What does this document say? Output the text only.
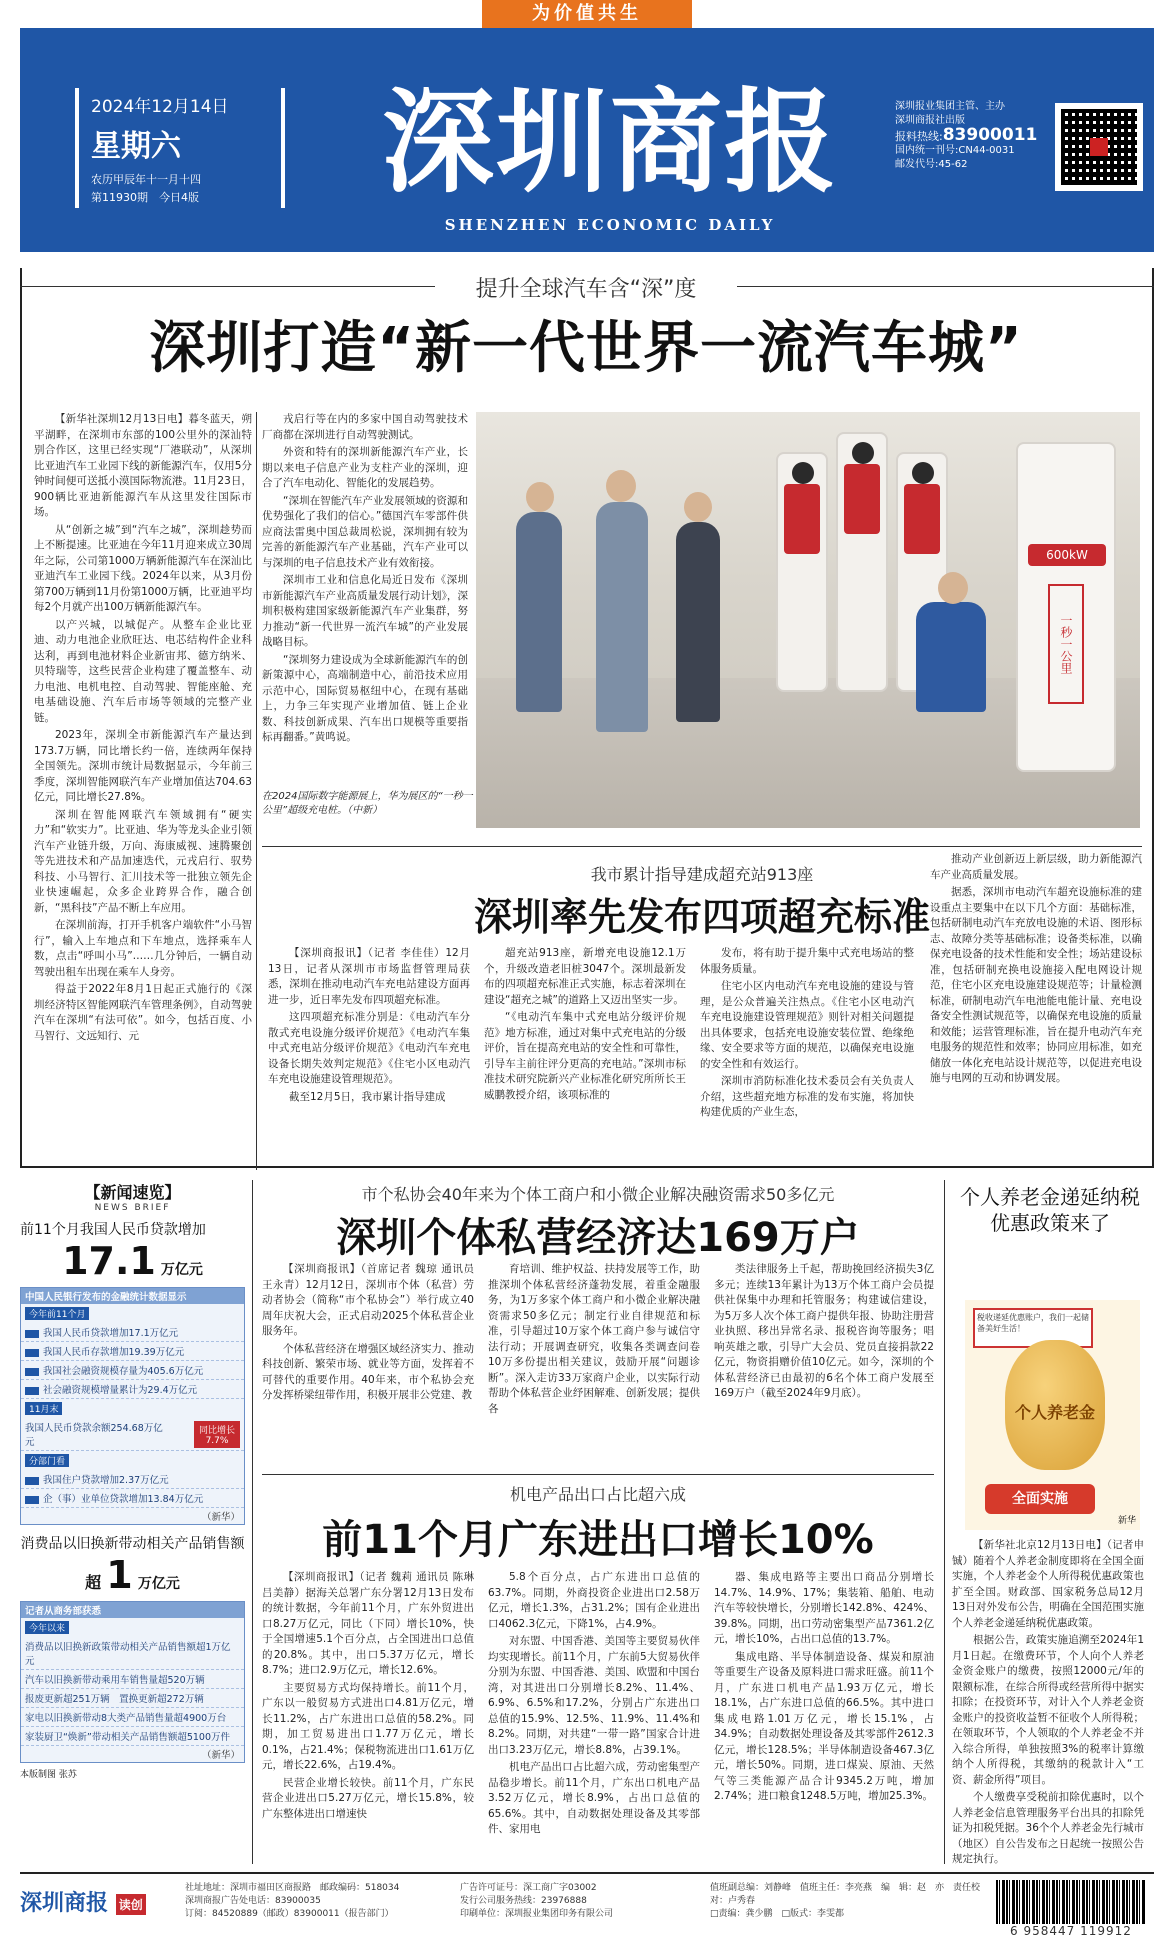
为价值共生
2024年12月14日
星期六
农历甲辰年十一月十四
第11930期　今日4版	深圳商报
SHENZHEN ECONOMIC DAILY
深圳报业集团主管、主办
深圳商报社出版
报料热线:83900011
国内统一刊号:CN44-0031
邮发代号:45-62
提升全球汽车含“深”度
深圳打造“新一代世界一流汽车城”

【新华社深圳12月13日电】暮冬蓝天，朔平湖畔，在深圳市东部的100公里外的深汕特别合作区，这里已经实现“厂港联动”，从深圳比亚迪汽车工业园下线的新能源汽车，仅用5分钟时间便可送抵小漠国际物流港。11月23日，900辆比亚迪新能源汽车从这里发往国际市场。

从“创新之城”到“汽车之城”，深圳趁势而上不断提速。比亚迪在今年11月迎来成立30周年之际，公司第1000万辆新能源汽车在深汕比亚迪汽车工业园下线。2024年以来，从3月份第700万辆到11月份第1000万辆，比亚迪平均每2个月就产出100万辆新能源汽车。

以产兴城，以城促产。从整车企业比亚迪、动力电池企业欣旺达、电芯结构件企业科达利，再到电池材料企业新宙邦、德方纳米、贝特瑞等，这些民营企业构建了覆盖整车、动力电池、电机电控、自动驾驶、智能座舱、充电基础设施、汽车后市场等领域的完整产业链。

2023年，深圳全市新能源汽车产量达到173.7万辆，同比增长约一倍，连续两年保持全国领先。深圳市统计局数据显示，今年前三季度，深圳智能网联汽车产业增加值达704.63亿元，同比增长27.8%。

深圳在智能网联汽车领域拥有“硬实力”和“软实力”。比亚迪、华为等龙头企业引领汽车产业链升级，万向、海康威视、速腾聚创等先进技术和产品加速迭代，元戎启行、驭势科技、小马智行、汇川技术等一批独立领先企业快速崛起，众多企业跨界合作，融合创新，“黑科技”产品不断上车应用。

在深圳前海，打开手机客户端软件“小马智行”，输入上车地点和下车地点，选择乘车人数，点击“呼叫小马”……几分钟后，一辆自动驾驶出租车出现在乘车人身旁。

得益于2022年8月1日起正式施行的《深圳经济特区智能网联汽车管理条例》，自动驾驶汽车在深圳“有法可依”。如今，包括百度、小马智行、文远知行、元

戎启行等在内的多家中国自动驾驶技术厂商都在深圳进行自动驾驶测试。

外资和特有的深圳新能源汽车产业，长期以来电子信息产业为支柱产业的深圳，迎合了汽车电动化、智能化的发展趋势。

“深圳在智能汽车产业发展领域的资源和优势强化了我们的信心。”德国汽车零部件供应商法雷奥中国总裁周松说，深圳拥有较为完善的新能源汽车产业基础，汽车产业可以与深圳的电子信息技术产业有效衔接。

深圳市工业和信息化局近日发布《深圳市新能源汽车产业高质量发展行动计划》，深圳积极构建国家级新能源汽车产业集群，努力推动“新一代世界一流汽车城”的产业发展战略目标。

“深圳努力建设成为全球新能源汽车的创新策源中心，高端制造中心，前沿技术应用示范中心，国际贸易枢纽中心，在现有基础上，力争三年实现产业增加值、链上企业数、科技创新成果、汽车出口规模等重要指标再翻番。”黄鸣说。

600kW
一秒一公里
在2024国际数字能源展上，华为展区的“一秒一公里”超级充电桩。（中新）
我市累计指导建成超充站913座
深圳率先发布四项超充标准

【深圳商报讯】（记者 李佳佳）12月13日，记者从深圳市市场监督管理局获悉，深圳在推动电动汽车充电站建设方面再进一步，近日率先发布四项超充标准。

这四项超充标准分别是：《电动汽车分散式充电设施分级评价规范》《电动汽车集中式充电站分级评价规范》《电动汽车充电设备长期失效判定规范》《住宅小区电动汽车充电设施建设管理规范》。

截至12月5日，我市累计指导建成

超充站913座，新增充电设施12.1万个，升级改造老旧桩3047个。深圳最新发布的四项超充标准正式实施，标志着深圳在建设“超充之城”的道路上又迈出坚实一步。

“《电动汽车集中式充电站分级评价规范》地方标准，通过对集中式充电站的分级评价，旨在提高充电站的安全性和可靠性，引导车主前往评分更高的充电站。”深圳市标准技术研究院新兴产业标准化研究所所长王威鹏教授介绍，该项标准的

发布，将有助于提升集中式充电场站的整体服务质量。

住宅小区内电动汽车充电设施的建设与管理，是公众普遍关注热点。《住宅小区电动汽车充电设施建设管理规范》则针对相关问题提出具体要求，包括充电设施安装位置、绝缘绝缘、安全要求等方面的规范，以确保充电设施的安全性和有效运行。

深圳市消防标准化技术委员会有关负责人介绍，这些超充地方标准的发布实施，将加快构建优质的产业生态，

推动产业创新迈上新层级，助力新能源汽车产业高质量发展。

据悉，深圳市电动汽车超充设施标准的建设重点主要集中在以下几个方面：基础标准，包括研制电动汽车充放电设施的术语、图形标志、故障分类等基础标准；设备类标准，以确保充电设备的技术性能和安全性；场站建设标准，包括研制充换电设施接入配电网设计规范，住宅小区充电设施建设规范等；计量检测标准，研制电动汽车电池能电能计量、充电设备安全性测试规范等，以确保充电设施的质量和效能；运营管理标准，旨在提升电动汽车充电服务的规范性和效率；协同应用标准，如充储放一体化充电站设计规范等，以促进充电设施与电网的互动和协调发展。

【新闻速览】
NEWS BRIEF
前11个月我国人民币贷款增加
17.1 万亿元
中国人民银行发布的金融统计数据显示
今年前11个月
我国人民币贷款增加17.1万亿元
我国人民币存款增加19.39万亿元
我国社会融资规模存量为405.6万亿元
社会融资规模增量累计为29.4万亿元
11月末
我国人民币贷款余额254.68万亿元
同比增长7.7%
分部门看
我国住户贷款增加2.37万亿元
企（事）业单位贷款增加13.84万亿元
（新华）
消费品以旧换新带动相关产品销售额
超 1 万亿元
记者从商务部获悉
今年以来
消费品以旧换新政策带动相关产品销售额超1万亿元
汽车以旧换新带动乘用车销售量超520万辆
报废更新超251万辆　置换更新超272万辆
家电以旧换新带动8大类产品销售量超4900万台
家装厨卫“焕新”带动相关产品销售额超5100万件
（新华）
本版制图 张苏
市个私协会40年来为个体工商户和小微企业解决融资需求50多亿元
深圳个体私营经济达169万户

【深圳商报讯】（首席记者 魏琼 通讯员 王永青）12月12日，深圳市个体（私营）劳动者协会（简称“市个私协会”）举行成立40周年庆祝大会，正式启动2025个体私营企业服务年。

个体私营经济在增强区域经济实力、推动科技创新、繁荣市场、就业等方面，发挥着不可替代的重要作用。40年来，市个私协会充分发挥桥梁纽带作用，积极开展非公党建、教

育培训、维护权益、扶持发展等工作，助推深圳个体私营经济蓬勃发展，着重金融服务，为1万多家个体工商户和小微企业解决融资需求50多亿元；制定行业自律规范和标准，引导超过10万家个体工商户参与诚信守法行动；开展调查研究，收集各类调查问卷10万多份提出相关建议，鼓励开展“问题诊断”。深入走访33万家商户企业，以实际行动帮助个体私营企业纾困解难、创新发展；提供各

类法律服务上千起，帮助挽回经济损失3亿多元；连续13年累计为13万个体工商户会员提供社保集中办理和托管服务；构建诚信建设，为5万多人次个体工商户提供年报、协助注册营业执照、移出异常名录、报税咨询等服务；唱响英雄之歌，引导广大会员、党员直接捐款22亿元，物资捐赠价值10亿元。如今，深圳的个体私营经济已由最初的6名个体工商户发展至169万户（截至2024年9月底）。

机电产品出口占比超六成
前11个月广东进出口增长10%

【深圳商报讯】（记者 魏莉 通讯员 陈琳 吕美静）据海关总署广东分署12月13日发布的统计数据，今年前11个月，广东外贸进出口8.27万亿元，同比（下同）增长10%，快于全国增速5.1个百分点，占全国进出口总值的20.8%。其中，出口5.37万亿元，增长8.7%；进口2.9万亿元，增长12.6%。

主要贸易方式均保持增长。前11个月，广东以一般贸易方式进出口4.81万亿元，增长11.2%，占广东进出口总值的58.2%。同期，加工贸易进出口1.77万亿元，增长0.1%，占21.4%；保税物流进出口1.61万亿元，增长22.6%，占19.4%。

民营企业增长较快。前11个月，广东民营企业进出口5.27万亿元，增长15.8%，较广东整体进出口增速快

5.8个百分点，占广东进出口总值的63.7%。同期，外商投资企业进出口2.58万亿元，增长1.3%，占31.2%；国有企业进出口4062.3亿元，下降1%，占4.9%。

对东盟、中国香港、美国等主要贸易伙伴均实现增长。前11个月，广东前5大贸易伙伴分别为东盟、中国香港、美国、欧盟和中国台湾，对其进出口分别增长8.2%、11.4%、6.9%、6.5%和17.2%，分别占广东进出口总值的15.9%、12.5%、11.9%、11.4%和8.2%。同期，对共建“一带一路”国家合计进出口3.23万亿元，增长8.8%，占39.1%。

机电产品出口占比超六成，劳动密集型产品稳步增长。前11个月，广东出口机电产品3.52万亿元，增长8.9%，占出口总值的65.6%。其中，自动数据处理设备及其零部件、家用电

器、集成电路等主要出口商品分别增长14.7%、14.9%、17%；集装箱、船舶、电动汽车等较快增长，分别增长142.8%、424%、39.8%。同期，出口劳动密集型产品7361.2亿元，增长10%，占出口总值的13.7%。

集成电路、半导体制造设备、煤炭和原油等重要生产设备及原料进口需求旺盛。前11个月，广东进口机电产品1.93万亿元，增长18.1%，占广东进口总值的66.5%。其中进口集成电路1.01万亿元，增长15.1%，占34.9%；自动数据处理设备及其零部件2612.3亿元，增长128.5%；半导体制造设备467.3亿元，增长50%。同期，进口煤炭、原油、天然气等三类能源产品合计9345.2万吨，增加2.74%；进口粮食1248.5万吨，增加25.3%。

个人养老金递延纳税优惠政策来了
税收递延优惠账户，我们一起储备美好生活！
个人养老金
全面实施
新华

【新华社北京12月13日电】（记者申铖）随着个人养老金制度即将在全国全面实施，个人养老金个人所得税优惠政策也扩至全国。财政部、国家税务总局12月13日对外发布公告，明确在全国范围实施个人养老金递延纳税优惠政策。

根据公告，政策实施追溯至2024年1月1日起。在缴费环节，个人向个人养老金资金账户的缴费，按照12000元/年的限额标准，在综合所得或经营所得中据实扣除；在投资环节，对计入个人养老金资金账户的投资收益暂不征收个人所得税；在领取环节，个人领取的个人养老金不并入综合所得，单独按照3%的税率计算缴纳个人所得税，其缴纳的税款计入“工资、薪金所得”项目。

个人缴费享受税前扣除优惠时，以个人养老金信息管理服务平台出具的扣除凭证为扣税凭据。36个个人养老金先行城市（地区）自公告发布之日起统一按照公告规定执行。

深圳商报 读创
社址地址：深圳市福田区商报路　邮政编码：518034
深圳商报广告处电话：83900035
订阅：84520889（邮政）83900011（报告部门）
广告许可证号：深工商广字03002
发行公司服务热线：23976888
印刷单位：深圳报业集团印务有限公司
值班副总编：刘静峰　值班主任：李亮燕　编　辑：赵　亦　责任校对：卢秀春
□责编：龚少鹏　□版式：李雯都
6 958447 119912
